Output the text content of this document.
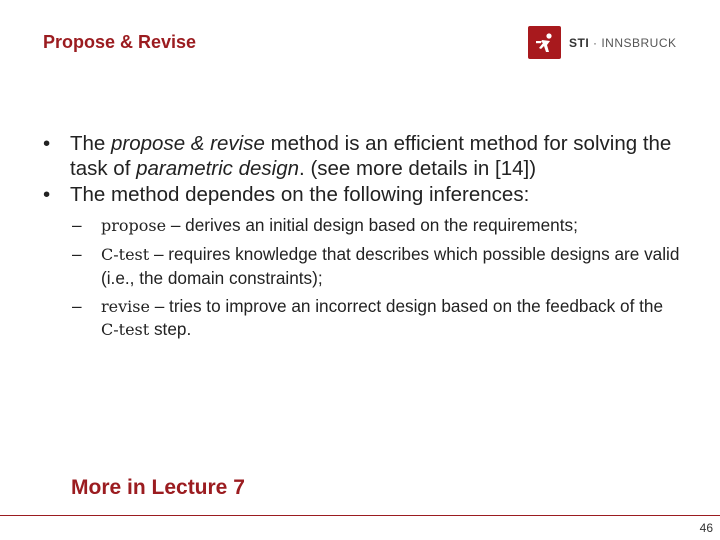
Propose & Revise	STI · INNSBRUCK
• The propose & revise method is an efficient method for solving the task of parametric design. (see more details in [14])
• The method dependes on the following inferences:
– propose – derives an initial design based on the requirements;
– C-test – requires knowledge that describes which possible designs are valid (i.e., the domain constraints);
– revise – tries to improve an incorrect design based on the feedback of the C-test step.
More in Lecture 7
46
